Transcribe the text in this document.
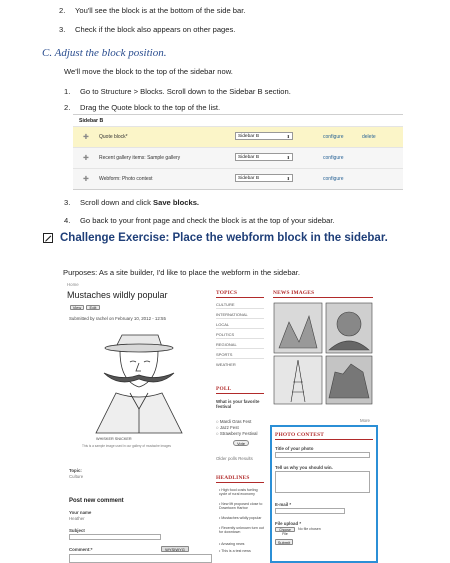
2. You'll see the block is at the bottom of the side bar.
3. Check if the block also appears on other pages.
C. Adjust the block position.
We'll move the block to the top of the sidebar now.
1. Go to Structure > Blocks. Scroll down to the Sidebar B section.
2. Drag the Quote block to the top of the list.
Sidebar B
✚ Quote block*	Sidebar B	⬍	configure	delete
✚ Recent gallery items: Sample gallery	Sidebar B	⬍	configure
✚ Webform: Photo contest	Sidebar B	⬍	configure
3. Scroll down and click Save blocks.
4. Go back to your front page and check the block is at the top of your sidebar.
Challenge Exercise: Place the webform block in the sidebar.
Purposes: As a site builder, I'd like to place the webform in the sidebar.
Home
Mustaches wildly popular
View	Edit
Submitted by rachel on February 10, 2012 - 12:55
WHISKER SNICKER
This is a sample image used in our gallery of mustache images
Topic:
Culture
Post new comment
Your name
Heather
Subject
Comment:*	WYSIWYG
TOPICS
CULTURE
INTERNATIONAL
LOCAL
POLITICS
REGIONAL
SPORTS
WEATHER
POLL
What is your favorite festival
○ Mardi Gras Fest
○ Jazz Fest
○ Strawberry Festival
Vote
Older polls Results
HEADLINES
• High food costs fueling cycle of rural economy
• New lift proposed close to Downtown Harbor
• Mustaches wildly popular
• Recently unknown turn out for downtown
• Amazing news
• This is a test news
NEWS IMAGES
More
PHOTO CONTEST
Title of your photo
Tell us why you should win.
E-mail *
File upload *
Choose File
No file chosen
Submit
